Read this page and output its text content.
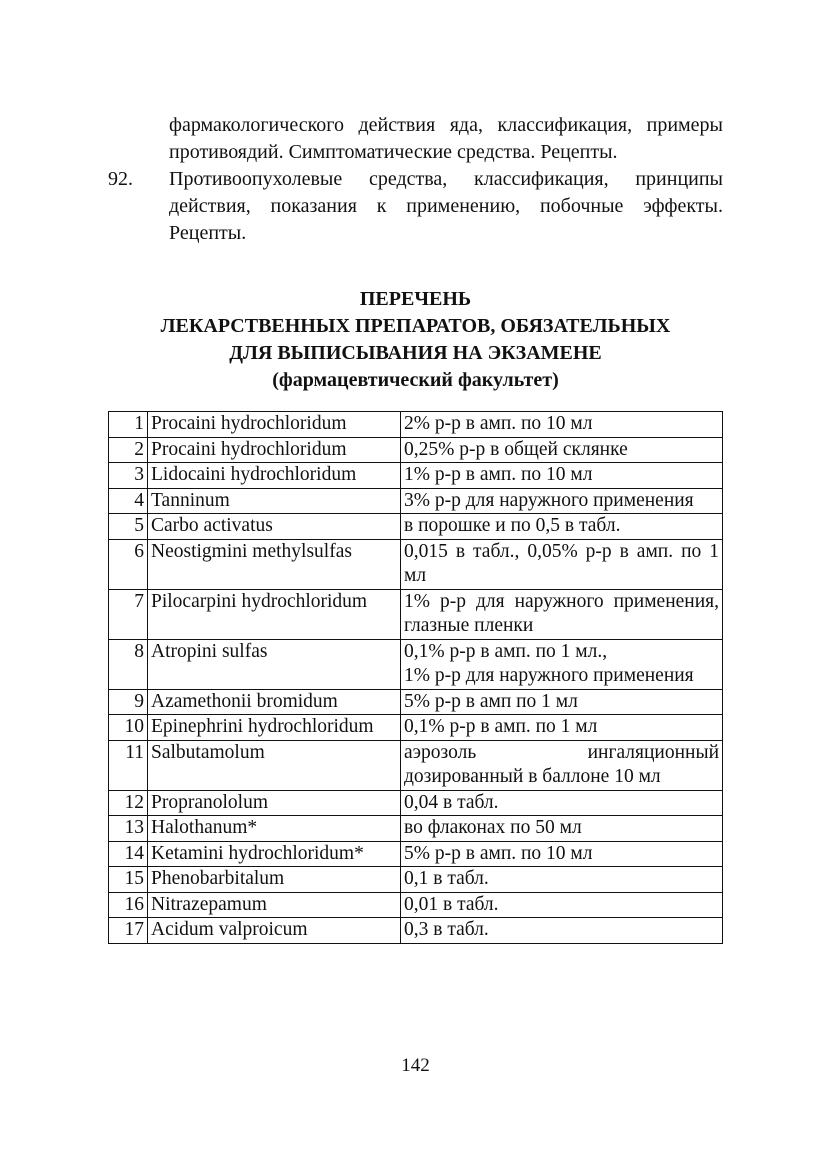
фармакологического действия яда, классификация, примеры противоядий. Симптоматические средства. Рецепты.
92. Противоопухолевые средства, классификация, принципы действия, показания к применению, побочные эффекты. Рецепты.
ПЕРЕЧЕНЬ
ЛЕКАРСТВЕННЫХ ПРЕПАРАТОВ, ОБЯЗАТЕЛЬНЫХ
ДЛЯ ВЫПИСЫВАНИЯ НА ЭКЗАМЕНЕ
(фармацевтический факультет)
1	Procaini hydrochloridum	2% р-р в амп. по 10 мл
2	Procaini hydrochloridum	0,25% р-р в общей склянке
3	Lidocaini hydrochloridum	1% р-р в амп. по 10 мл
4	Tanninum	3% р-р для наружного применения
5	Carbo activatus	в порошке и по 0,5 в табл.
6	Neostigmini methylsulfas	0,015 в табл., 0,05% р-р в амп. по 1 мл
7	Pilocarpini hydrochloridum	1% р-р для наружного применения, глазные пленки
8	Atropini sulfas	0,1% р-р в амп. по 1 мл.,
1% р-р для наружного применения

9	Azamethonii bromidum	5% р-р в амп по 1 мл
10	Epinephrini hydrochloridum	0,1% р-р в амп. по 1 мл
11	Salbutamolum	аэрозоль ингаляционный дозированный в баллоне 10 мл
12	Propranololum	0,04 в табл.
13	Halothanum*	во флаконах по 50 мл
14	Ketamini hydrochloridum*	5% р-р в амп. по 10 мл
15	Phenobarbitalum	0,1 в табл.
16	Nitrazepamum	0,01 в табл.
17	Acidum valproicum	0,3 в табл.
142
